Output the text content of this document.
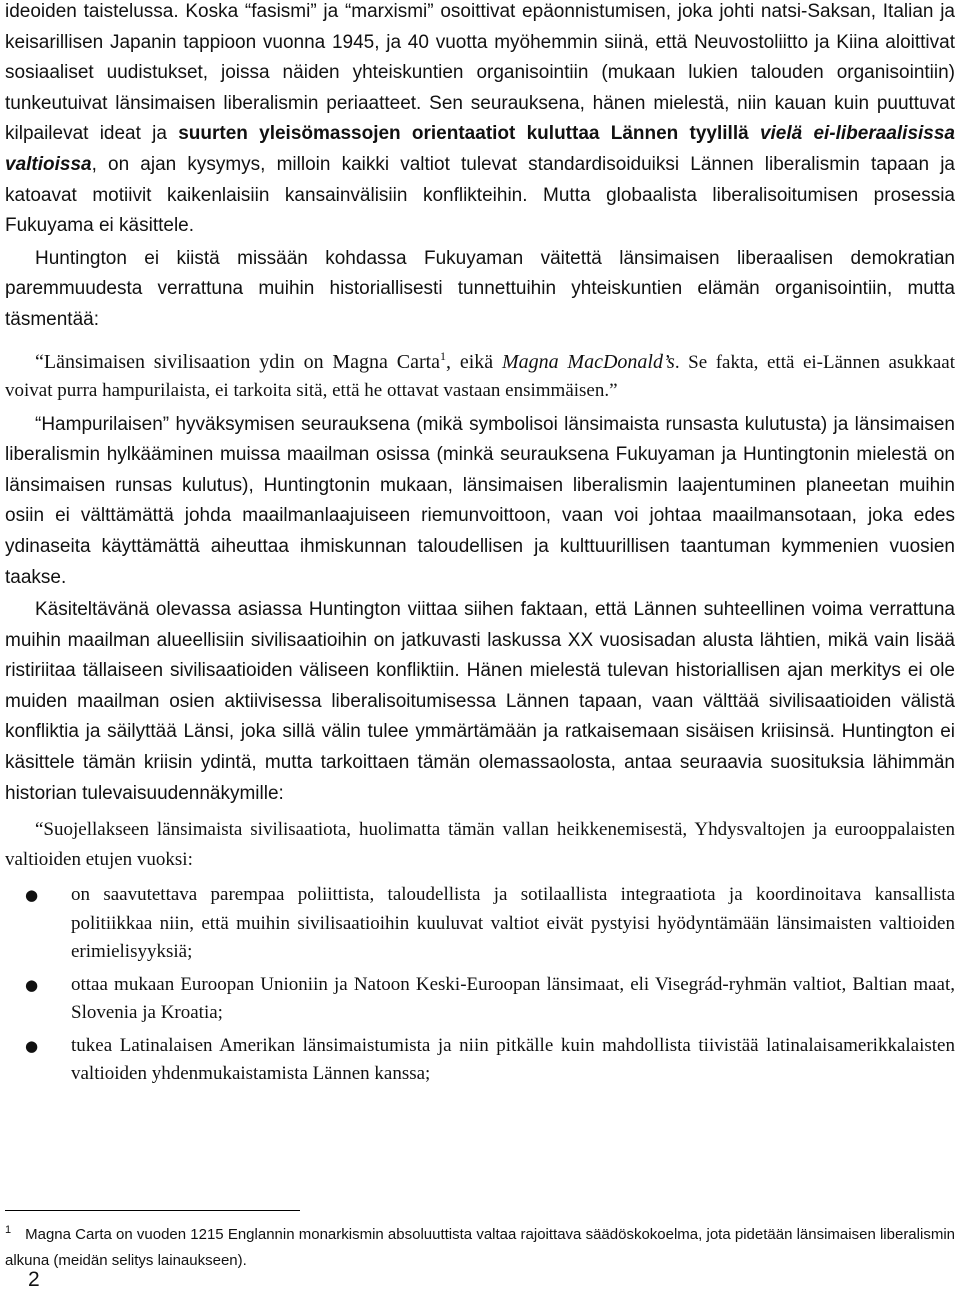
ideoiden taistelussa. Koska “fasismi” ja “marxismi” osoittivat epäonnistumisen, joka johti natsi-Saksan, Italian ja keisarillisen Japanin tappioon vuonna 1945, ja 40 vuotta myöhemmin siinä, että Neuvostoliitto ja Kiina aloittivat sosiaaliset uudistukset, joissa näiden yhteiskuntien organisointiin (mukaan lukien talouden organisointiin) tunkeutuivat länsimaisen liberalismin periaatteet. Sen seurauksena, hänen mielestä, niin kauan kuin puuttuvat kilpailevat ideat ja suurten yleisömassojen orientaatiot kuluttaa Lännen tyylillä vielä ei-liberaalisissa valtioissa, on ajan kysymys, milloin kaikki valtiot tulevat standardisoiduiksi Lännen liberalismin tapaan ja katoavat motiivit kaikenlaisiin kansainvälisiin konflikteihin. Mutta globaalista liberalisoitumisen prosessia Fukuyama ei käsittele.

Huntington ei kiistä missään kohdassa Fukuyaman väitettä länsimaisen liberaalisen demokratian paremmuudesta verrattuna muihin historiallisesti tunnettuihin yhteiskuntien elämän organisointiin, mutta täsmentää:

“Länsimaisen sivilisaation ydin on Magna Carta$^1$, eikä Magna MacDonald’s. Se fakta, että ei-Lännen asukkaat voivat purra hampurilaista, ei tarkoita sitä, että he ottavat vastaan ensimmäisen.”

“Hampurilaisen” hyväksymisen seurauksena (mikä symbolisoi länsimaista runsasta kulutusta) ja länsimaisen liberalismin hylkääminen muissa maailman osissa (minkä seurauksena Fukuyaman ja Huntingtonin mielestä on länsimaisen runsas kulutus), Huntingtonin mukaan, länsimaisen liberalismin laajentuminen planeetan muihin osiin ei välttämättä johda maailmanlaajuiseen riemunvoittoon, vaan voi johtaa maailmansotaan, joka edes ydinaseita käyttämättä aiheuttaa ihmiskunnan taloudellisen ja kulttuurillisen taantuman kymmenien vuosien taakse.

Käsiteltävänä olevassa asiassa Huntington viittaa siihen faktaan, että Lännen suhteellinen voima verrattuna muihin maailman alueellisiin sivilisaatioihin on jatkuvasti laskussa XX vuosisadan alusta lähtien, mikä vain lisää ristiriitaa tällaiseen sivilisaatioiden väliseen konfliktiin. Hänen mielestä tulevan historiallisen ajan merkitys ei ole muiden maailman osien aktiivisessa liberalisoitumisessa Lännen tapaan, vaan välttää sivilisaatioiden välistä konfliktia ja säilyttää Länsi, joka sillä välin tulee ymmärtämään ja ratkaisemaan sisäisen kriisinsä. Huntington ei käsittele tämän kriisin ydintä, mutta tarkoittaen tämän olemassaolosta, antaa seuraavia suosituksia lähimmän historian tulevaisuudennäkymille:

“Suojellakseen länsimaista sivilisaatiota, huolimatta tämän vallan heikkenemisestä, Yhdysvaltojen ja eurooppalaisten valtioiden etujen vuoksi:

● on saavutettava parempaa poliittista, taloudellista ja sotilaallista integraatiota ja koordinoitava kansallista politiikkaa niin, että muihin sivilisaatioihin kuuluvat valtiot eivät pystyisi hyödyntämään länsimaisten valtioiden erimielisyyksiä;
● ottaa mukaan Euroopan Unioniin ja Natoon Keski-Euroopan länsimaat, eli Visegrád-ryhmän valtiot, Baltian maat, Slovenia ja Kroatia;
● tukea Latinalaisen Amerikan länsimaistumista ja niin pitkälle kuin mahdollista tiivistää latinalaisamerikkalaisten valtioiden yhdenmukaistamista Lännen kanssa;
$^1$ Magna Carta on vuoden 1215 Englannin monarkismin absoluuttista valtaa rajoittava säädöskokoelma, jota pidetään länsimaisen liberalismin alkuna (meidän selitys lainaukseen).
2
